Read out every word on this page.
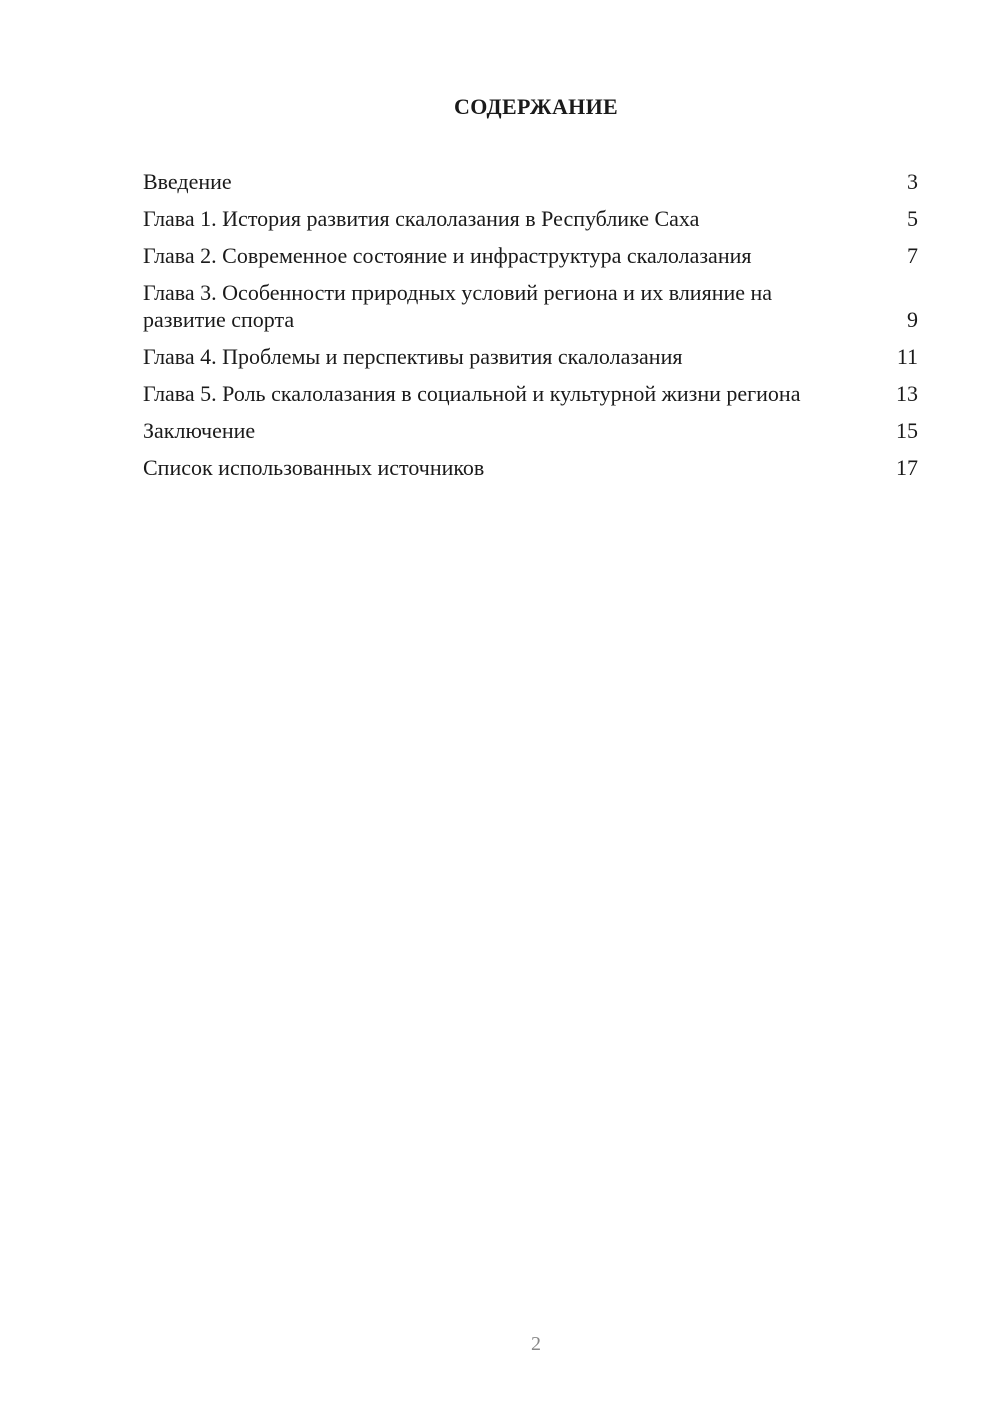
СОДЕРЖАНИЕ
Введение	3
Глава 1. История развития скалолазания в Республике Саха	5
Глава 2. Современное состояние и инфраструктура скалолазания	7
Глава 3. Особенности природных условий региона и их влияние на развитие спорта	9
Глава 4. Проблемы и перспективы развития скалолазания	11
Глава 5. Роль скалолазания в социальной и культурной жизни региона	13
Заключение	15
Список использованных источников	17
2
